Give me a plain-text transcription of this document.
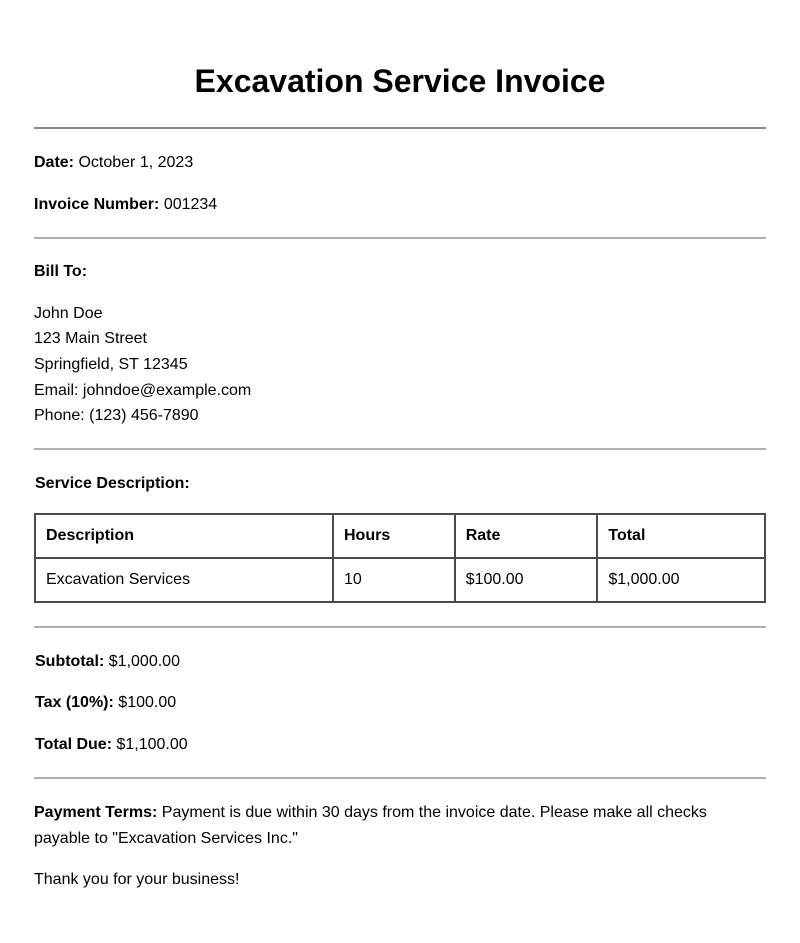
Excavation Service Invoice
Date: October 1, 2023
Invoice Number: 001234
Bill To:
John Doe
123 Main Street
Springfield, ST 12345
Email: johndoe@example.com
Phone: (123) 456-7890
Service Description:
Description	Hours	Rate	Total
Excavation Services	10	$100.00	$1,000.00
Subtotal: $1,000.00
Tax (10%): $100.00
Total Due: $1,100.00
Payment Terms: Payment is due within 30 days from the invoice date. Please make all checks payable to "Excavation Services Inc."
Thank you for your business!
